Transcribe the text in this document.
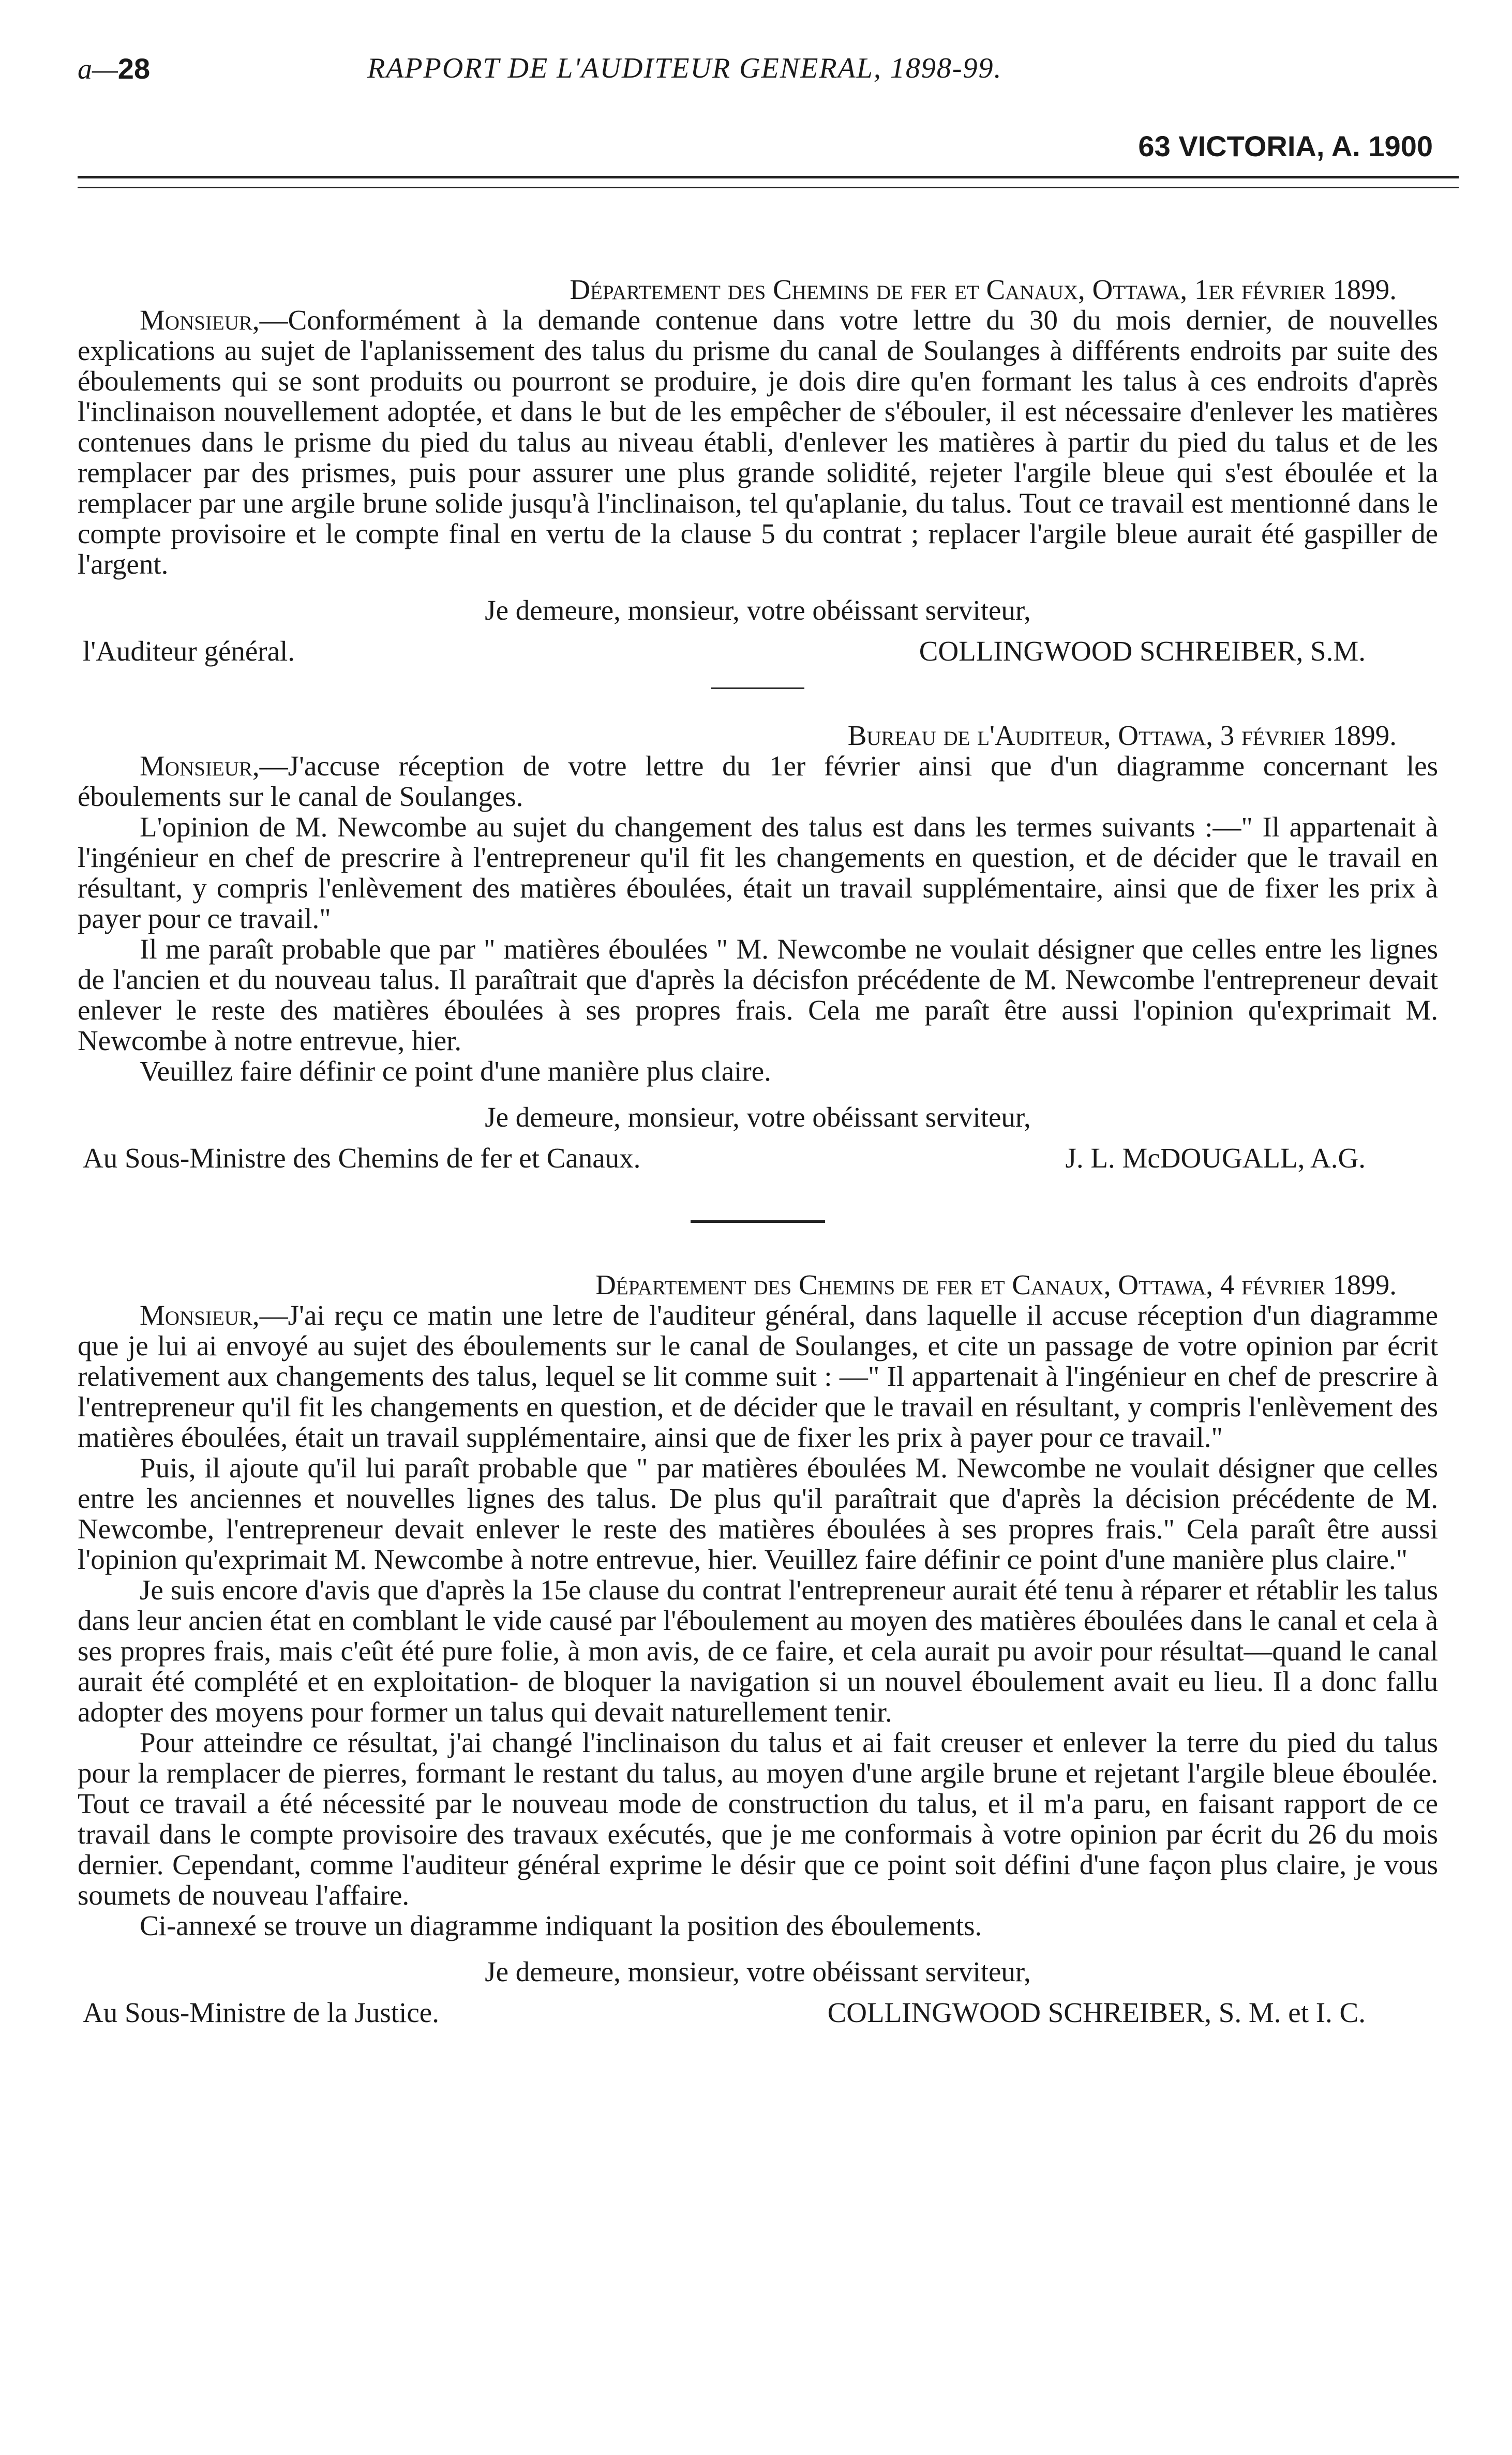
a—28	RAPPORT DE L'AUDITEUR GENERAL, 1898-99.
63 VICTORIA, A. 1900
Département des Chemins de fer et Canaux, Ottawa, 1er février 1899.

Monsieur,—Conformément à la demande contenue dans votre lettre du 30 du mois dernier, de nouvelles explications au sujet de l'aplanissement des talus du prisme du canal de Soulanges à différents endroits par suite des éboulements qui se sont produits ou pourront se produire, je dois dire qu'en formant les talus à ces endroits d'après l'inclinaison nouvellement adoptée, et dans le but de les empêcher de s'ébouler, il est nécessaire d'enlever les matières contenues dans le prisme du pied du talus au niveau établi, d'enlever les matières à partir du pied du talus et de les remplacer par des prismes, puis pour assurer une plus grande solidité, rejeter l'argile bleue qui s'est éboulée et la remplacer par une argile brune solide jusqu'à l'inclinaison, tel qu'aplanie, du talus. Tout ce travail est mentionné dans le compte provisoire et le compte final en vertu de la clause 5 du contrat ; replacer l'argile bleue aurait été gaspiller de l'argent.

Je demeure, monsieur, votre obéissant serviteur,
l'Auditeur général.	COLLINGWOOD SCHREIBER, S.M.
Bureau de l'Auditeur, Ottawa, 3 février 1899.

Monsieur,—J'accuse réception de votre lettre du 1er février ainsi que d'un diagramme concernant les éboulements sur le canal de Soulanges.

L'opinion de M. Newcombe au sujet du changement des talus est dans les termes suivants :—" Il appartenait à l'ingénieur en chef de prescrire à l'entrepreneur qu'il fit les changements en question, et de décider que le travail en résultant, y compris l'enlèvement des matières éboulées, était un travail supplémentaire, ainsi que de fixer les prix à payer pour ce travail."

Il me paraît probable que par " matières éboulées " M. Newcombe ne voulait désigner que celles entre les lignes de l'ancien et du nouveau talus. Il paraîtrait que d'après la décisfon précédente de M. Newcombe l'entrepreneur devait enlever le reste des matières éboulées à ses propres frais. Cela me paraît être aussi l'opinion qu'exprimait M. Newcombe à notre entrevue, hier.

Veuillez faire définir ce point d'une manière plus claire.

Je demeure, monsieur, votre obéissant serviteur,
Au Sous-Ministre des Chemins de fer et Canaux.	J. L. McDOUGALL, A.G.
Département des Chemins de fer et Canaux, Ottawa, 4 février 1899.

Monsieur,—J'ai reçu ce matin une letre de l'auditeur général, dans laquelle il accuse réception d'un diagramme que je lui ai envoyé au sujet des éboulements sur le canal de Soulanges, et cite un passage de votre opinion par écrit relativement aux changements des talus, lequel se lit comme suit : —" Il appartenait à l'ingénieur en chef de prescrire à l'entrepreneur qu'il fit les changements en question, et de décider que le travail en résultant, y compris l'enlèvement des matières éboulées, était un travail supplémentaire, ainsi que de fixer les prix à payer pour ce travail."

Puis, il ajoute qu'il lui paraît probable que " par matières éboulées M. Newcombe ne voulait désigner que celles entre les anciennes et nouvelles lignes des talus. De plus qu'il paraîtrait que d'après la décision précédente de M. Newcombe, l'entrepreneur devait enlever le reste des matières éboulées à ses propres frais." Cela paraît être aussi l'opinion qu'exprimait M. Newcombe à notre entrevue, hier. Veuillez faire définir ce point d'une manière plus claire."

Je suis encore d'avis que d'après la 15e clause du contrat l'entrepreneur aurait été tenu à réparer et rétablir les talus dans leur ancien état en comblant le vide causé par l'éboulement au moyen des matières éboulées dans le canal et cela à ses propres frais, mais c'eût été pure folie, à mon avis, de ce faire, et cela aurait pu avoir pour résultat—quand le canal aurait été complété et en exploitation- de bloquer la navigation si un nouvel éboulement avait eu lieu. Il a donc fallu adopter des moyens pour former un talus qui devait naturellement tenir.

Pour atteindre ce résultat, j'ai changé l'inclinaison du talus et ai fait creuser et enlever la terre du pied du talus pour la remplacer de pierres, formant le restant du talus, au moyen d'une argile brune et rejetant l'argile bleue éboulée. Tout ce travail a été nécessité par le nouveau mode de construction du talus, et il m'a paru, en faisant rapport de ce travail dans le compte provisoire des travaux exécutés, que je me conformais à votre opinion par écrit du 26 du mois dernier. Cependant, comme l'auditeur général exprime le désir que ce point soit défini d'une façon plus claire, je vous soumets de nouveau l'affaire.

Ci-annexé se trouve un diagramme indiquant la position des éboulements.

Je demeure, monsieur, votre obéissant serviteur,
Au Sous-Ministre de la Justice.	COLLINGWOOD SCHREIBER, S. M. et I. C.
